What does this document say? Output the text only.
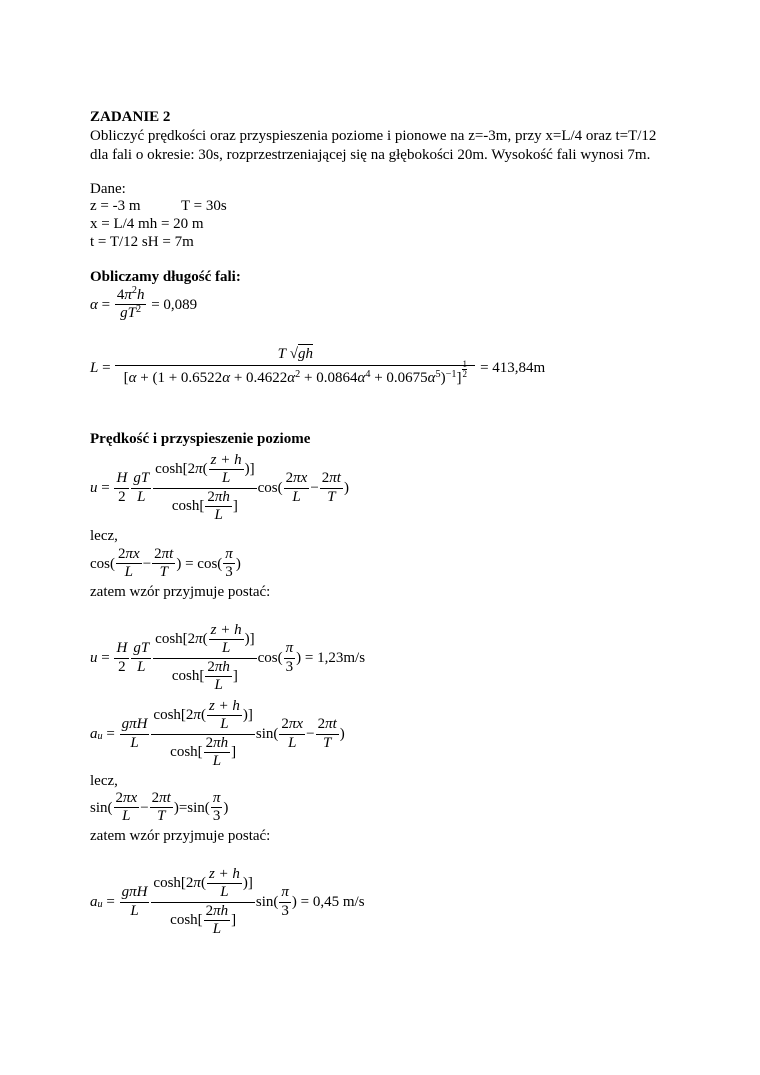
ZADANIE 2
Obliczyć prędkości oraz przyspieszenia poziome i pionowe na z=-3m, przy x=L/4 oraz t=T/12
dla fali o okresie: 30s, rozprzestrzeniającej się na głębokości 20m. Wysokość fali wynosi 7m.
Dane:
z = -3 m	T = 30s
x = L/4 mh = 20 m
t = T/12 sH = 7m
Obliczamy długość fali:
$\alpha = \frac{4\pi^2h}{gT^2}$
= 0,089
$L = \frac{T √gh}{[\alpha + (1 + 0.6522\alpha + 0.4622\alpha^2 + 0.0864\alpha^4 + 0.0675\alpha^5)^{-1}] \frac{1}{2}}$
= 413,84m
Prędkość i przyspieszenie poziome
$u = \frac{H}{2} \frac{gT}{L} \frac{\cosh[2\pi( \frac{z + h}{L} )]}{\cosh[ \frac{2\pi h}{L} ]} \cos( \frac{2\pi x}{L} - \frac{2\pi t}{T}$ )
lecz,
$\cos( \frac{2\pi x}{L} - \frac{2\pi t}{T}$ ) = $\cos( \frac{\pi}{3}$ )
zatem wzór przyjmuje postać:
$u = \frac{H}{2} \frac{gT}{L} \frac{\cosh[2\pi( \frac{z + h}{L} )]}{\cosh[ \frac{2\pi h}{L} ]} \cos( \frac{\pi}{3}$ ) = 1,23m/s
a $u = \frac{\text{gπH}}{L} \frac{\cosh[2\pi( \frac{z + h}{L} )]}{\cosh[ \frac{2\pi h}{L} ]} \sin( \frac{2\pi x}{L} - \frac{2\pi t}{T}$ )
lecz,
$\sin( \frac{2\pi x}{L} - \frac{2\pi t}{T} )=\sin( \frac{\pi}{3}$ )
zatem wzór przyjmuje postać:
a $u = \frac{\text{gπH}}{L} \frac{\cosh[2\pi( \frac{z + h}{L} )]}{\cosh[ \frac{2\pi h}{L} ]} \sin( \frac{\pi}{3}$ ) = 0,45 m/s
